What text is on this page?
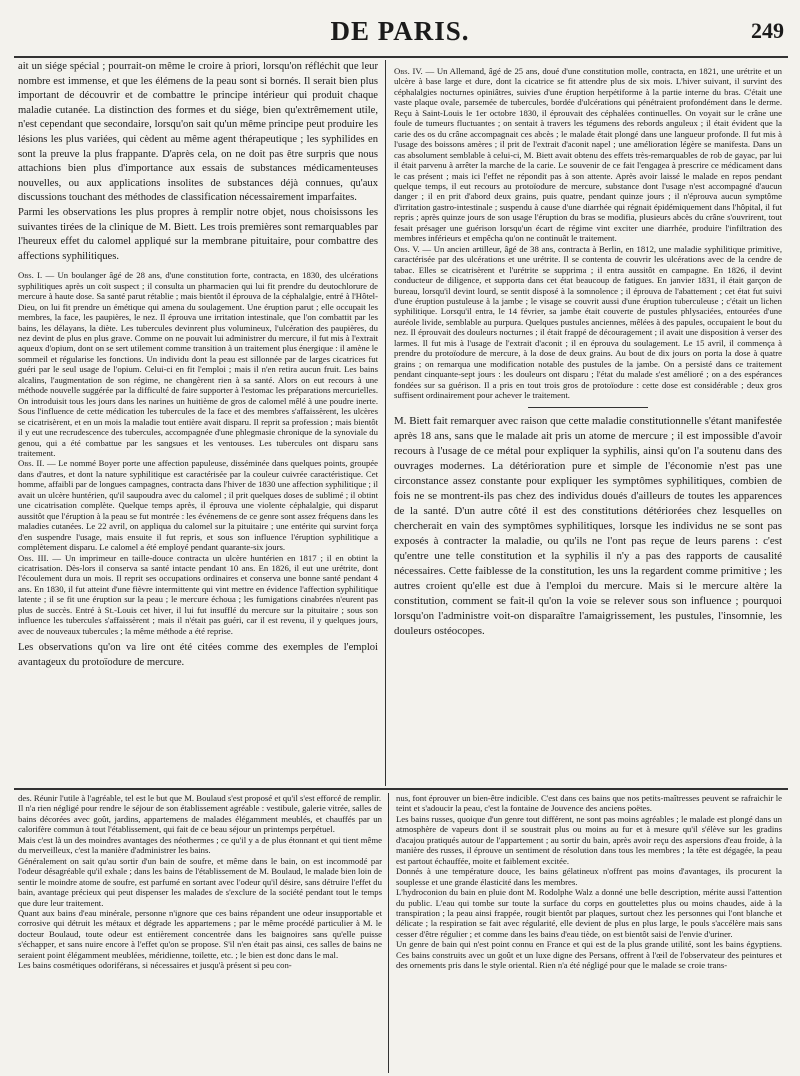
DE PARIS.	249

ait un siége spécial ; pourrait-on même le croire à priori, lorsqu'on réfléchit que leur nombre est immense, et que les élémens de la peau sont si bornés. Il serait bien plus important de découvrir et de combattre le principe intérieur qui produit chaque maladie cutanée. La distinction des formes et du siége, bien qu'extrêmement utile, n'est cependant que secondaire, lorsqu'on sait qu'un même principe peut produire les lésions les plus variées, qui cèdent au même agent thérapeutique ; les syphilides en sont la preuve la plus frappante. D'après cela, on ne doit pas être surpris que nous attachions bien plus d'importance aux essais de substances médicamenteuses nouvelles, ou aux applications insolites de substances déjà connues, qu'aux discussions touchant des méthodes de classification nécessairement imparfaites.

Parmi les observations les plus propres à remplir notre objet, nous choisissons les suivantes tirées de la clinique de M. Biett. Les trois premières sont remarquables par l'heureux effet du calomel appliqué sur la membrane pituitaire, pour combattre des affections syphilitiques.

Obs. I. — Un boulanger âgé de 28 ans, d'une constitution forte, contracta, en 1830, des ulcérations syphilitiques après un coït suspect ; il consulta un pharmacien qui lui fit prendre du deutochlorure de mercure à haute dose. Sa santé parut rétablie ; mais bientôt il éprouva de la céphalalgie, entré à l'Hôtel-Dieu, on lui fit prendre un émétique qui amena du soulagement. Une éruption parut ; elle occupait les membres, la face, les paupières, le nez. Il éprouva une irritation intestinale, que l'on combattit par les bains, les délayans, la diète. Les tubercules devinrent plus volumineux, l'ulcération des paupières, du nez devint de plus en plus grave. Comme on ne pouvait lui administrer du mercure, il fut mis à l'extrait aqueux d'opium, dont on se sert utilement comme transition à un traitement plus énergique : il amène le sommeil et régularise les fonctions. Un individu dont la peau est sillonnée par de larges cicatrices fut guéri par le seul usage de l'opium. Celui-ci en fit l'emploi ; mais il n'en retira aucun fruit. Les bains alcalins, l'augmentation de son régime, ne changèrent rien à sa santé. Alors on eut recours à une méthode nouvelle suggérée par la difficulté de faire supporter à l'estomac les préparations mercurielles. On introduisit tous les jours dans les narines un huitième de gros de calomel mêlé à une poudre inerte. Sous l'influence de cette médication les tubercules de la face et des membres s'affaissèrent, les ulcères se cicatrisèrent, et en un mois la maladie tout entière avait disparu. Il reprit sa profession ; mais bientôt il y eut une recrudescence des tubercules, accompagnée d'une phlegmasie chronique de la synoviale du genou, qui a été combattue par les sangsues et les ventouses. Les tubercules ont disparu sans traitement.

Obs. II. — Le nommé Boyer porte une affection papuleuse, disséminée dans quelques points, groupée dans d'autres, et dont la nature syphilitique est caractérisée par la couleur cuivrée caractéristique. Cet homme, affaibli par de longues campagnes, contracta dans l'hiver de 1830 une affection syphilitique ; il avait un ulcère huntérien, qu'il saupoudra avec du calomel ; il prit quelques doses de sublimé ; il obtint une cicatrisation complète. Quelque temps après, il éprouva une violente céphalalgie, qui disparut aussitôt que l'éruption à la peau se fut montrée : les événemens de ce genre sont assez fréquens dans les maladies cutanées. Le 22 avril, on appliqua du calomel sur la pituitaire ; une entérite qui survint força d'en suspendre l'usage, mais ensuite il fut repris, et sous son influence l'éruption syphilitique a complètement disparu. Le calomel a été employé pendant quarante-six jours.

Obs. III. — Un imprimeur en taille-douce contracta un ulcère huntérien en 1817 ; il en obtint la cicatrisation. Dès-lors il conserva sa santé intacte pendant 10 ans. En 1826, il eut une urétrite, dont l'écoulement dura un mois. Il reprit ses occupations ordinaires et conserva une bonne santé pendant 4 ans. En 1830, il fut atteint d'une fièvre intermittente qui vint mettre en évidence l'affection syphilitique latente ; il se fit une éruption sur la peau ; le mercure échoua ; les fumigations cinabrées n'eurent pas plus de succès. Entré à St.-Louis cet hiver, il lui fut insufflé du mercure sur la pituitaire ; sous son influence les tubercules s'affaissèrent ; mais il n'était pas guéri, car il est revenu, il y quelques jours, avec de nouveaux tubercules ; la même méthode a été reprise.

Les observations qu'on va lire ont été citées comme des exemples de l'emploi avantageux du protoïodure de mercure.

Obs. IV. — Un Allemand, âgé de 25 ans, doué d'une constitution molle, contracta, en 1821, une urétrite et un ulcère à base large et dure, dont la cicatrice se fit attendre plus de six mois. L'hiver suivant, il survint des céphalalgies nocturnes opiniâtres, suivies d'une éruption herpétiforme à la partie interne du bras. C'était une vaste plaque ovale, parsemée de tubercules, bordée d'ulcérations qui pénétraient profondément dans le derme. Reçu à Saint-Louis le 1er octobre 1830, il éprouvait des céphalées continuelles. On voyait sur le crâne une foule de tumeurs fluctuantes ; on sentait à travers les tégumens des rebords anguleux ; il était évident que la carie des os du crâne accompagnait ces abcès ; le malade était plongé dans une langueur profonde. Il fut mis à l'usage des boissons amères ; il prit de l'extrait d'aconit napel ; une amélioration légère se manifesta. Dans un cas absolument semblable à celui-ci, M. Biett avait obtenu des effets très-remarquables de rob de gayac, par lui il était parvenu à arrêter la marche de la carie. Le souvenir de ce fait l'engagea à prescrire ce médicament dans le cas présent ; mais ici l'effet ne répondit pas à son attente. Après avoir laissé le malade en repos pendant quelque temps, il eut recours au protoïodure de mercure, substance dont l'usage n'est accompagné d'aucun danger ; il en prit d'abord deux grains, puis quatre, pendant quinze jours ; il n'éprouva aucun symptôme d'irritation gastro-intestinale ; suspendu à cause d'une diarrhée qui régnait épidémiquement dans l'hôpital, il fut repris ; après quinze jours de son usage l'éruption du bras se modifia, plusieurs abcès du crâne s'ouvrirent, tout fesait présager une guérison lorsqu'un écart de régime vint exciter une diarrhée, produire l'infiltration des membres inférieurs et empêcha qu'on ne continuât le traitement.

Obs. V. — Un ancien artilleur, âgé de 38 ans, contracta à Berlin, en 1812, une maladie syphilitique primitive, caractérisée par des ulcérations et une urétrite. Il se contenta de couvrir les ulcérations avec de la cendre de tabac. Elles se cicatrisèrent et l'urétrite se supprima ; il entra aussitôt en campagne. En 1826, il devint conducteur de diligence, et supporta dans cet état beaucoup de fatigues. En janvier 1831, il était garçon de bureau, lorsqu'il devint lourd, se sentit disposé à la somnolence ; il éprouva de l'abattement ; cet état fut suivi d'une éruption pustuleuse à la jambe ; le visage se couvrit aussi d'une éruption tuberculeuse ; c'était un lichen syphilitique. Lorsqu'il entra, le 14 février, sa jambe était couverte de pustules phlysaciées, entourées d'une auréole livide, semblable au purpura. Quelques pustules anciennes, mêlées à des papules, occupaient le bout du nez. Il éprouvait des douleurs nocturnes ; il était frappé de découragement ; il avait une disposition à verser des larmes. Il fut mis à l'usage de l'extrait d'aconit ; il en éprouva du soulagement. Le 15 avril, il commença à prendre du protoïodure de mercure, à la dose de deux grains. Au bout de dix jours on porta la dose à quatre grains ; on remarqua une modification notable des pustules de la jambe. On a persisté dans ce traitement pendant cinquante-sept jours : les douleurs ont disparu ; l'état du malade s'est amélioré ; on a des espérances fondées sur sa guérison. Il a pris en tout trois gros de protoïodure : cette dose est considérable ; deux gros suffisent ordinairement pour achever le traitement.

M. Biett fait remarquer avec raison que cette maladie constitutionnelle s'étant manifestée après 18 ans, sans que le malade ait pris un atome de mercure ; il est impossible d'avoir recours à l'usage de ce métal pour expliquer la syphilis, ainsi qu'on l'a soutenu dans des ouvrages modernes. La détérioration pure et simple de l'économie n'est pas une circonstance assez constante pour expliquer les symptômes syphilitiques, combien de fois ne se montrent-ils pas chez des individus doués d'ailleurs de toutes les apparences de la santé. D'un autre côté il est des constitutions détériorées chez lesquelles on chercherait en vain des symptômes syphilitiques, lorsque les individus ne se sont pas exposés à contracter la maladie, ou qu'ils ne l'ont pas reçue de leurs parens : c'est qu'entre une telle constitution et la syphilis il n'y a pas des rapports de causalité nécessaires. Cette faiblesse de la constitution, les uns la regardent comme primitive ; les autres croient qu'elle est due à l'emploi du mercure. Mais si le mercure altère la constitution, comment se fait-il qu'on la voie se relever sous son influence ; pourquoi lorsqu'on l'administre voit-on disparaître l'amaigrissement, les pustules, l'insomnie, les douleurs ostéocopes.

des. Réunir l'utile à l'agréable, tel est le but que M. Boulaud s'est proposé et qu'il s'est efforcé de remplir.

Il n'a rien négligé pour rendre le séjour de son établissement agréable : vestibule, galerie vitrée, salles de bains décorées avec goût, jardins, appartemens de malades élégamment meublés, et chauffés par un calorifère commun à tout l'établissement, qui fait de ce beau séjour un printemps perpétuel.

Mais c'est là un des moindres avantages des néothermes ; ce qu'il y a de plus étonnant et qui tient même du merveilleux, c'est la manière d'administrer les bains.

Généralement on sait qu'au sortir d'un bain de soufre, et même dans le bain, on est incommodé par l'odeur désagréable qu'il exhale ; dans les bains de l'établissement de M. Boulaud, le malade bien loin de sentir le moindre atome de soufre, est parfumé en sortant avec l'odeur qu'il désire, sans détruire l'effet du bain, avantage précieux qui peut dispenser les malades de s'exclure de la société pendant tout le temps que dure leur traitement.

Quant aux bains d'eau minérale, personne n'ignore que ces bains répandent une odeur insupportable et corrosive qui détruit les métaux et dégrade les appartemens ; par le même procédé particulier à M. le docteur Boulaud, toute odeur est entièrement concentrée dans les baignoires sans qu'elle puisse s'échapper, et sans nuire encore à l'effet qu'on se propose. S'il n'en était pas ainsi, ces salles de bains ne seraient point élégamment meublées, méridienne, toilette, etc. ; le bien est donc dans le mal.

Les bains cosmétiques odoriférans, si nécessaires et jusqu'à présent si peu con-

nus, font éprouver un bien-être indicible. C'est dans ces bains que nos petits-maîtresses peuvent se rafraichir le teint et s'adoucir la peau, c'est la fontaine de Jouvence des anciens poëtes.

Les bains russes, quoique d'un genre tout différent, ne sont pas moins agréables ; le malade est plongé dans un atmosphère de vapeurs dont il se soustrait plus ou moins au fur et à mesure qu'il s'élève sur les gradins d'acajou pratiqués autour de l'appartement ; au sortir du bain, après avoir reçu des aspersions d'eau froide, à la manière des russes, il éprouve un sentiment de résolution dans tous les membres ; la tête est dégagée, la peau est partout échauffée, moite et faiblement excitée.

Donnés à une température douce, les bains gélatineux n'offrent pas moins d'avantages, ils procurent la souplesse et une grande élasticité dans les membres.

L'hydroconion du bain en pluie dont M. Rodolphe Walz a donné une belle description, mérite aussi l'attention du public. L'eau qui tombe sur toute la surface du corps en gouttelettes plus ou moins chaudes, aide à la transpiration ; la peau ainsi frappée, rougit bientôt par plaques, surtout chez les personnes qui l'ont blanche et délicate ; la respiration se fait avec régularité, elle devient de plus en plus large, le pouls s'accélère mais sans cesser d'être régulier ; et comme dans les bains d'eau tiède, on est bientôt saisi de l'envie d'uriner.

Un genre de bain qui n'est point connu en France et qui est de la plus grande utilité, sont les bains égyptiens. Ces bains construits avec un goût et un luxe digne des Persans, offrent à l'œil de l'observateur des peintures et des ornements pris dans le style oriental. Rien n'a été négligé pour que le malade se croie trans-
